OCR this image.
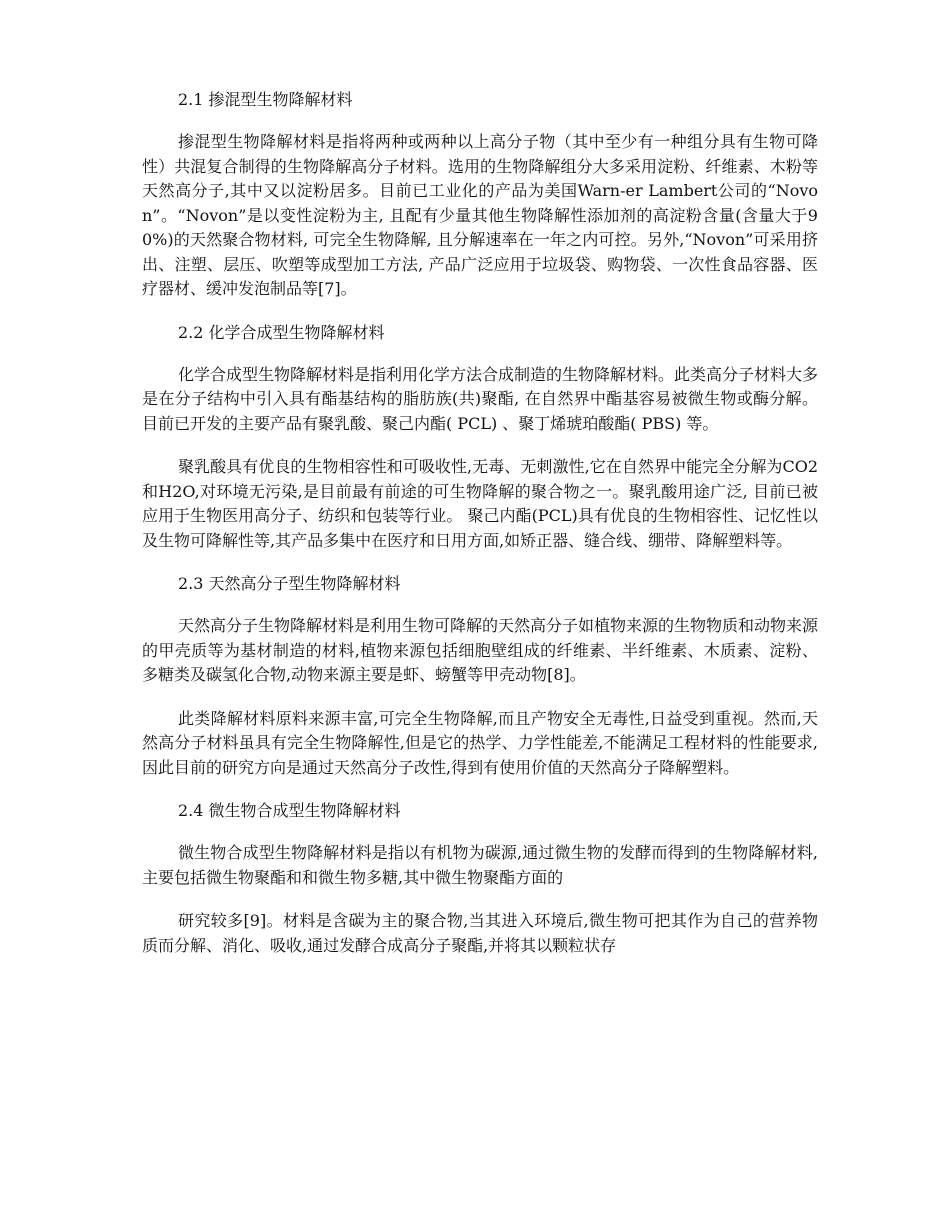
2.1 掺混型生物降解材料

掺混型生物降解材料是指将两种或两种以上高分子物（其中至少有一种组分具有生物可降性）共混复合制得的生物降解高分子材料。选用的生物降解组分大多采用淀粉、纤维素、木粉等天然高分子,其中又以淀粉居多。目前已工业化的产品为美国Warn-er Lambert公司的“Novon”。“Novon”是以变性淀粉为主, 且配有少量其他生物降解性添加剂的高淀粉含量(含量大于90%)的天然聚合物材料, 可完全生物降解, 且分解速率在一年之内可控。另外,“Novon”可采用挤出、注塑、层压、吹塑等成型加工方法, 产品广泛应用于垃圾袋、购物袋、一次性食品容器、医疗器材、缓冲发泡制品等[7]。

2.2 化学合成型生物降解材料

化学合成型生物降解材料是指利用化学方法合成制造的生物降解材料。此类高分子材料大多是在分子结构中引入具有酯基结构的脂肪族(共)聚酯, 在自然界中酯基容易被微生物或酶分解。目前已开发的主要产品有聚乳酸、聚己内酯( PCL) 、聚丁烯琥珀酸酯( PBS) 等。

聚乳酸具有优良的生物相容性和可吸收性,无毒、无刺激性,它在自然界中能完全分解为CO2和H2O,对环境无污染,是目前最有前途的可生物降解的聚合物之一。聚乳酸用途广泛, 目前已被应用于生物医用高分子、纺织和包装等行业。 聚己内酯(PCL)具有优良的生物相容性、记忆性以及生物可降解性等,其产品多集中在医疗和日用方面,如矫正器、缝合线、绷带、降解塑料等。

2.3 天然高分子型生物降解材料

天然高分子生物降解材料是利用生物可降解的天然高分子如植物来源的生物物质和动物来源的甲壳质等为基材制造的材料,植物来源包括细胞壁组成的纤维素、半纤维素、木质素、淀粉、多糖类及碳氢化合物,动物来源主要是虾、螃蟹等甲壳动物[8]。

此类降解材料原料来源丰富,可完全生物降解,而且产物安全无毒性,日益受到重视。然而,天然高分子材料虽具有完全生物降解性,但是它的热学、力学性能差,不能满足工程材料的性能要求,因此目前的研究方向是通过天然高分子改性,得到有使用价值的天然高分子降解塑料。

2.4 微生物合成型生物降解材料

微生物合成型生物降解材料是指以有机物为碳源,通过微生物的发酵而得到的生物降解材料,主要包括微生物聚酯和和微生物多糖,其中微生物聚酯方面的

研究较多[9]。材料是含碳为主的聚合物,当其进入环境后,微生物可把其作为自己的营养物质而分解、消化、吸收,通过发酵合成高分子聚酯,并将其以颗粒状存
